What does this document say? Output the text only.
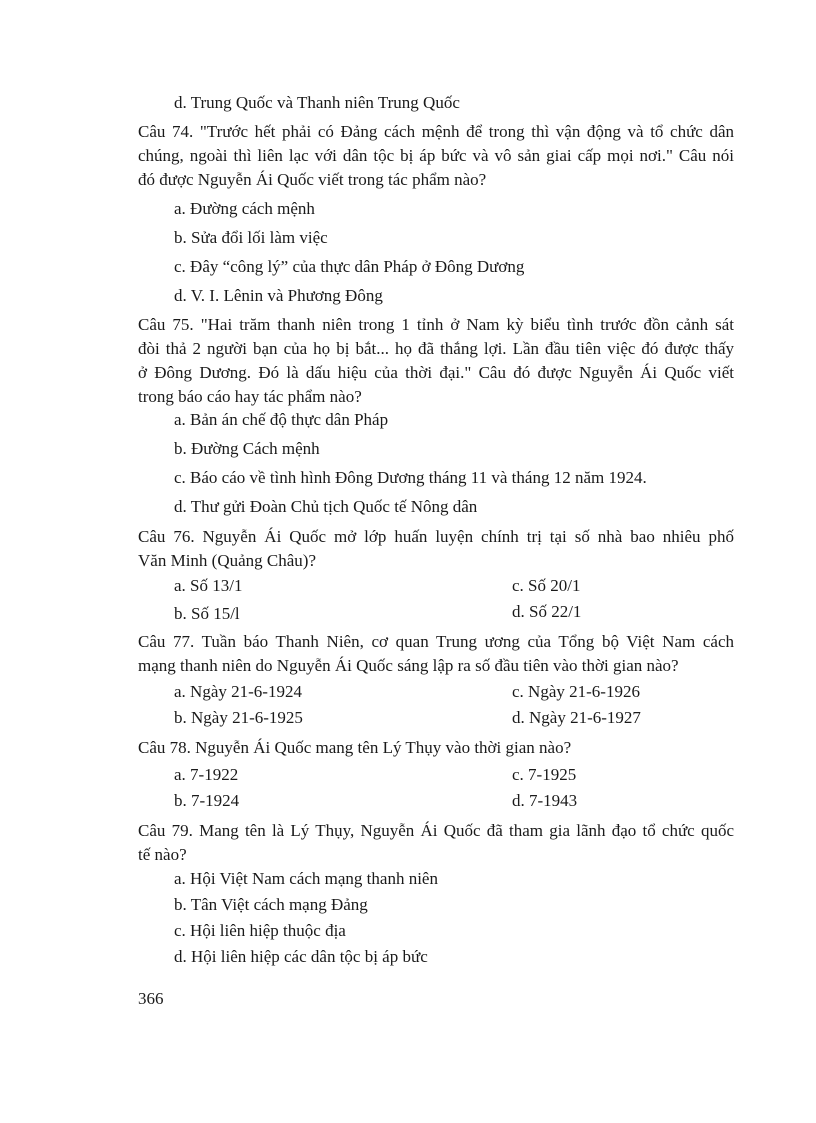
d. Trung Quốc và Thanh niên Trung Quốc
Câu 74. "Trước hết phải có Đảng cách mệnh để trong thì vận động và tổ chức dân
chúng, ngoài thì liên lạc với dân tộc bị áp bức và vô sản giai cấp mọi nơi." Câu nói
đó được Nguyễn Ái Quốc viết trong tác phẩm nào?
a. Đường cách mệnh
b. Sửa đổi lối làm việc
c. Đây “công lý” của thực dân Pháp ở Đông Dương
d. V. I. Lênin và Phương Đông
Câu 75. "Hai trăm thanh niên trong 1 tỉnh ở Nam kỳ biểu tình trước đồn cảnh sát
đòi thả 2 người bạn của họ bị bắt... họ đã thắng lợi. Lần đầu tiên việc đó được thấy
ở Đông Dương. Đó là dấu hiệu của thời đại." Câu đó được Nguyễn Ái Quốc viết
trong báo cáo hay tác phẩm nào?
a. Bản án chế độ thực dân Pháp
b. Đường Cách mệnh
c. Báo cáo về tình hình Đông Dương tháng 11 và tháng 12 năm 1924.
d. Thư gửi Đoàn Chủ tịch Quốc tế Nông dân
Câu 76. Nguyễn Ái Quốc mở lớp huấn luyện chính trị tại số nhà bao nhiêu phố
Văn Minh (Quảng Châu)?
a. Số 13/1	c. Số 20/1
b. Số 15/l	d. Số 22/1
Câu 77. Tuần báo Thanh Niên, cơ quan Trung ương của Tổng bộ Việt Nam cách
mạng thanh niên do Nguyễn Ái Quốc sáng lập ra số đầu tiên vào thời gian nào?
a. Ngày 21-6-1924	c. Ngày 21-6-1926
b. Ngày 21-6-1925	d. Ngày 21-6-1927
Câu 78. Nguyễn Ái Quốc mang tên Lý Thụy vào thời gian nào?
a. 7-1922	c. 7-1925
b. 7-1924	d. 7-1943
Câu 79. Mang tên là Lý Thụy, Nguyễn Ái Quốc đã tham gia lãnh đạo tổ chức quốc
tế nào?
a. Hội Việt Nam cách mạng thanh niên
b. Tân Việt cách mạng Đảng
c. Hội liên hiệp thuộc địa
d. Hội liên hiệp các dân tộc bị áp bức
366
